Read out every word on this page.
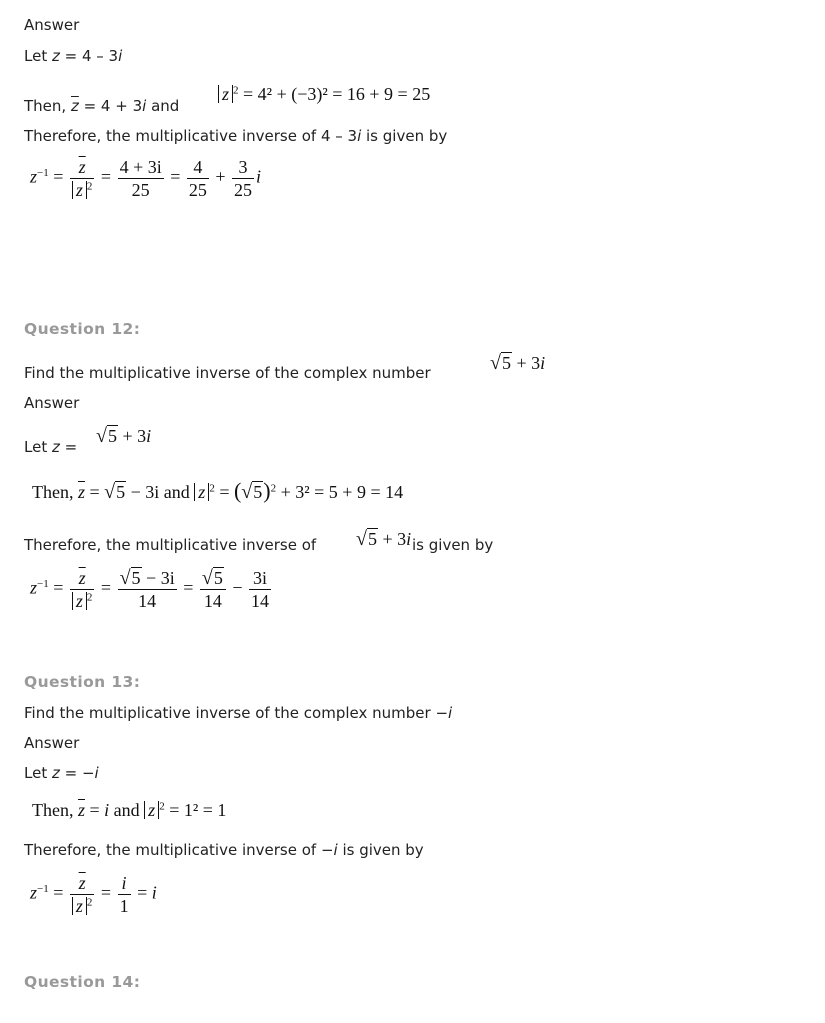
Answer
Let z = 4 – 3i
Then, $\overline{z} = 4 + 3i$ and
z $^2$ = 4² + (−3)² = 16 + 9 = 25
Therefore, the multiplicative inverse of 4 – 3i is given by
$z^{-1} = \frac{\overline{z}}{z ^2} = \frac{4 + 3i}{25} = \frac{4}{25} + \frac{3}{25}$ i
Question 12:
Find the multiplicative inverse of the complex number	√5 + 3i
Answer
Let z = √5 + 3i
Then, $\overline{z} = √5 - 3i$ and z $^2 = (√5)^2 + 3^2 = 5 + 9 = 14$
Therefore, the multiplicative inverse of √5 + 3i is given by
$z^{-1} = \frac{\overline{z}}{z ^2} = \frac{√5 - 3i}{14} = \frac{√5}{14} - \frac{3i}{14}$
Question 13:
Find the multiplicative inverse of the complex number −i
Answer
Let z = −i
Then, $\overline{z} = i$ and z $^2$ = 1² = 1
Therefore, the multiplicative inverse of −i is given by
$z^{-1} = \frac{\overline{z}}{z ^2} = \frac{i}{1} = i$
Question 14:
